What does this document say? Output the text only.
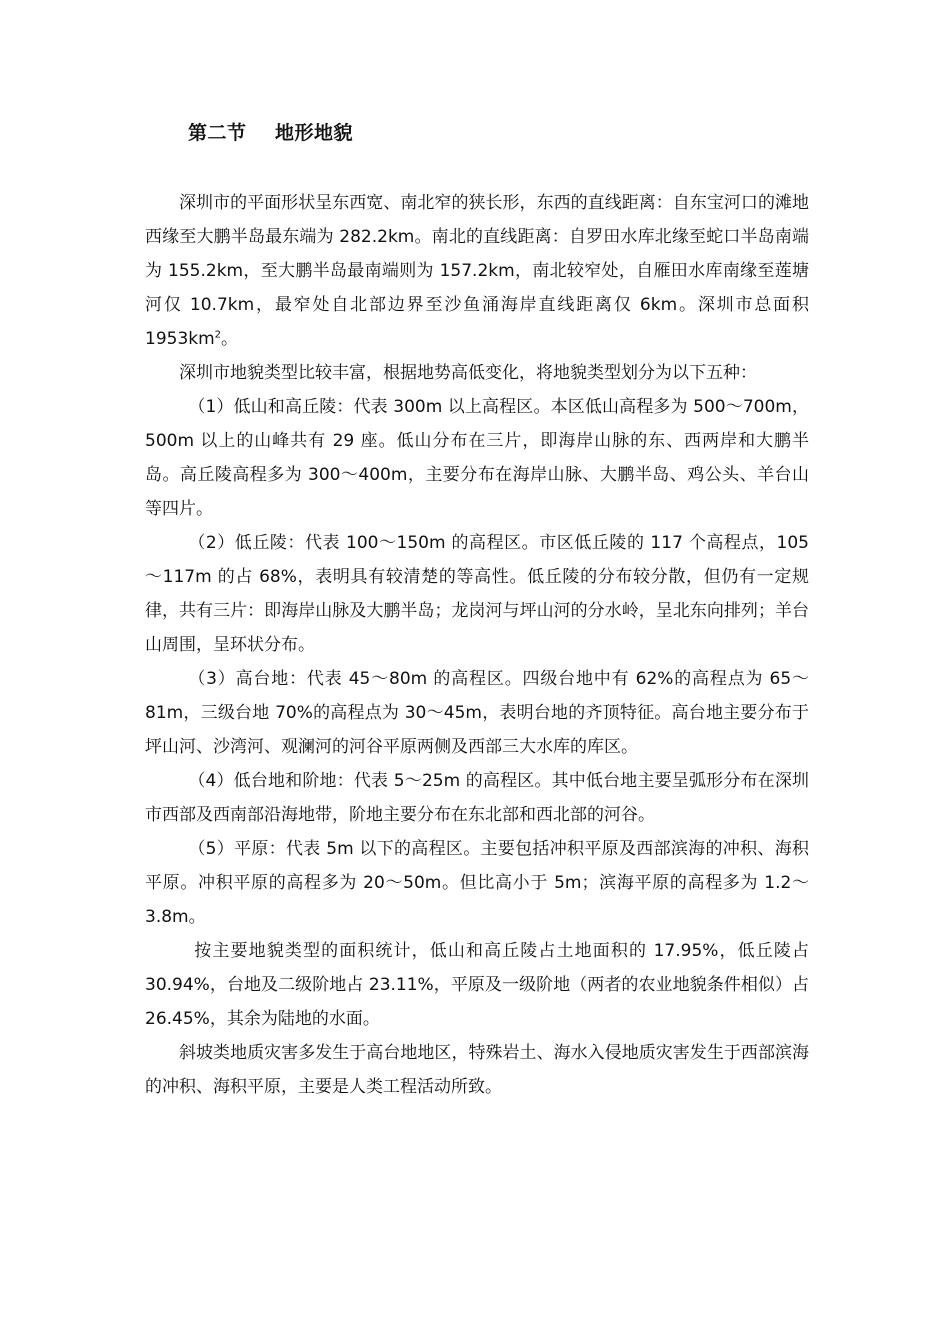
第二节    地形地貌

深圳市的平面形状呈东西宽、南北窄的狭长形，东西的直线距离：自东宝河口的滩地西缘至大鹏半岛最东端为 282.2km。南北的直线距离：自罗田水库北缘至蛇口半岛南端为 155.2km，至大鹏半岛最南端则为 157.2km，南北较窄处，自雁田水库南缘至莲塘河仅 10.7km，最窄处自北部边界至沙鱼涌海岸直线距离仅 6km。深圳市总面积 $1953km^2$。

深圳市地貌类型比较丰富，根据地势高低变化，将地貌类型划分为以下五种：

（1）低山和高丘陵：代表 300m 以上高程区。本区低山高程多为 500～700m，500m 以上的山峰共有 29 座。低山分布在三片，即海岸山脉的东、西两岸和大鹏半岛。高丘陵高程多为 300～400m，主要分布在海岸山脉、大鹏半岛、鸡公头、羊台山等四片。

（2）低丘陵：代表 100～150m 的高程区。市区低丘陵的 117 个高程点，105～117m 的占 68%，表明具有较清楚的等高性。低丘陵的分布较分散，但仍有一定规律，共有三片：即海岸山脉及大鹏半岛；龙岗河与坪山河的分水岭，呈北东向排列；羊台山周围，呈环状分布。

（3）高台地：代表 45～80m 的高程区。四级台地中有 62%的高程点为 65～81m，三级台地 70%的高程点为 30～45m，表明台地的齐顶特征。高台地主要分布于坪山河、沙湾河、观澜河的河谷平原两侧及西部三大水库的库区。

（4）低台地和阶地：代表 5～25m 的高程区。其中低台地主要呈弧形分布在深圳市西部及西南部沿海地带，阶地主要分布在东北部和西北部的河谷。

（5）平原：代表 5m 以下的高程区。主要包括冲积平原及西部滨海的冲积、海积平原。冲积平原的高程多为 20～50m。但比高小于 5m；滨海平原的高程多为 1.2～3.8m。

按主要地貌类型的面积统计，低山和高丘陵占土地面积的 17.95%，低丘陵占 30.94%，台地及二级阶地占 23.11%，平原及一级阶地（两者的农业地貌条件相似）占 26.45%，其余为陆地的水面。

斜坡类地质灾害多发生于高台地地区，特殊岩土、海水入侵地质灾害发生于西部滨海的冲积、海积平原，主要是人类工程活动所致。
